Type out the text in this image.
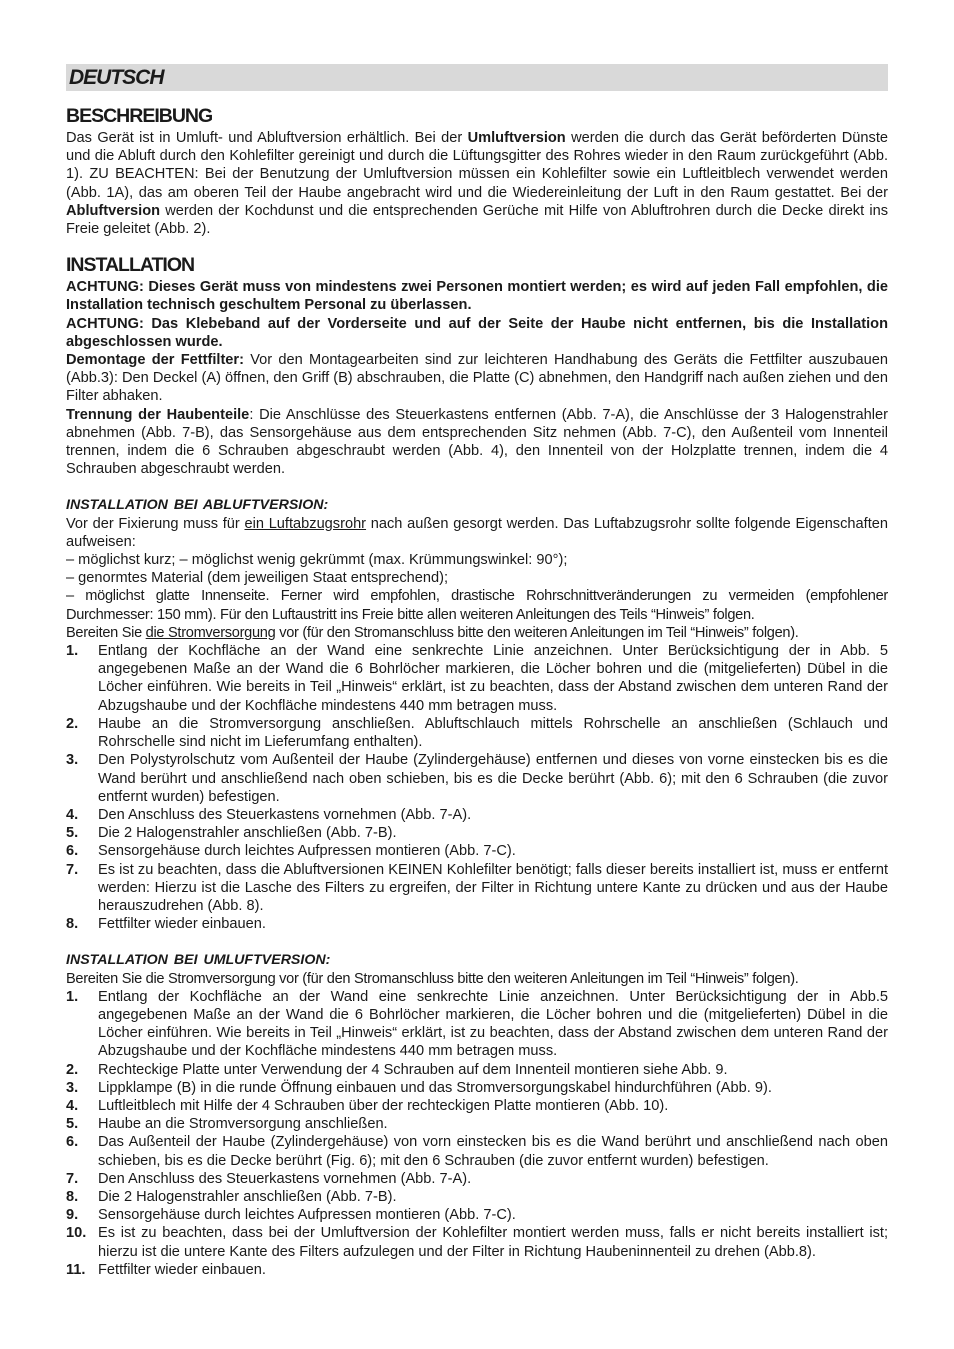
DEUTSCH
BESCHREIBUNG

Das Gerät ist in Umluft- und Abluftversion erhältlich. Bei der Umluftversion werden die durch das Gerät beförderten Dünste und die Abluft durch den Kohlefilter gereinigt und durch die Lüftungsgitter des Rohres wieder in den Raum zurückgeführt (Abb. 1). ZU BEACHTEN: Bei der Benutzung der Umluftversion müssen ein Kohlefilter sowie ein Luftleitblech verwendet werden (Abb. 1A), das am oberen Teil der Haube angebracht wird und die Wiedereinleitung der Luft in den Raum gestattet. Bei der Abluftversion werden der Kochdunst und die entsprechenden Gerüche mit Hilfe von Abluftrohren durch die Decke direkt ins Freie geleitet (Abb. 2).

INSTALLATION

ACHTUNG: Dieses Gerät muss von mindestens zwei Personen montiert werden; es wird auf jeden Fall empfohlen, die Installation technisch geschultem Personal zu überlassen.

ACHTUNG: Das Klebeband auf der Vorderseite und auf der Seite der Haube nicht entfernen, bis die Installation abgeschlossen wurde.

Demontage der Fettfilter: Vor den Montagearbeiten sind zur leichteren Handhabung des Geräts die Fettfilter auszubauen (Abb.3): Den Deckel (A) öffnen, den Griff (B) abschrauben, die Platte (C) abnehmen, den Handgriff nach außen ziehen und den Filter abhaken.

Trennung der Haubenteile: Die Anschlüsse des Steuerkastens entfernen (Abb. 7-A), die Anschlüsse der 3 Halogenstrahler abnehmen (Abb. 7-B), das Sensorgehäuse aus dem entsprechenden Sitz nehmen (Abb. 7-C), den Außenteil vom Innenteil trennen, indem die 6 Schrauben abgeschraubt werden (Abb. 4), den Innenteil von der Holzplatte trennen, indem die 4 Schrauben abgeschraubt werden.

INSTALLATION BEI ABLUFTVERSION:

Vor der Fixierung muss für ein Luftabzugsrohr nach außen gesorgt werden. Das Luftabzugsrohr sollte folgende Eigenschaften aufweisen:

– möglichst kurz; – möglichst wenig gekrümmt (max. Krümmungswinkel: 90°);

– genormtes Material (dem jeweiligen Staat entsprechend);

– möglichst glatte Innenseite. Ferner wird empfohlen, drastische Rohrschnittveränderungen zu vermeiden (empfohlener Durchmesser: 150 mm). Für den Luftaustritt ins Freie bitte allen weiteren Anleitungen des Teils “Hinweis” folgen.

Bereiten Sie die Stromversorgung vor (für den Stromanschluss bitte den weiteren Anleitungen im Teil “Hinweis” folgen).

1.	Entlang der Kochfläche an der Wand eine senkrechte Linie anzeichnen. Unter Berücksichtigung der in Abb. 5 angegebenen Maße an der Wand die 6 Bohrlöcher markieren, die Löcher bohren und die (mitgelieferten) Dübel in die Löcher einführen. Wie bereits in Teil „Hinweis“ erklärt, ist zu beachten, dass der Abstand zwischen dem unteren Rand der Abzugshaube und der Kochfläche mindestens 440 mm betragen muss.
2.	Haube an die Stromversorgung anschließen. Abluftschlauch mittels Rohrschelle an anschließen (Schlauch und Rohrschelle sind nicht im Lieferumfang enthalten).
3.	Den Polystyrolschutz vom Außenteil der Haube (Zylindergehäuse) entfernen und dieses von vorne einstecken bis es die Wand berührt und anschließend nach oben schieben, bis es die Decke berührt (Abb. 6); mit den 6 Schrauben (die zuvor entfernt wurden) befestigen.
4.	Den Anschluss des Steuerkastens vornehmen (Abb. 7-A).
5.	Die 2 Halogenstrahler anschließen (Abb. 7-B).
6.	Sensorgehäuse durch leichtes Aufpressen montieren (Abb. 7-C).
7.	Es ist zu beachten, dass die Abluftversionen KEINEN Kohlefilter benötigt; falls dieser bereits installiert ist, muss er entfernt werden: Hierzu ist die Lasche des Filters zu ergreifen, der Filter in Richtung untere Kante zu drücken und aus der Haube herauszudrehen (Abb. 8).
8.	Fettfilter wieder einbauen.
INSTALLATION BEI UMLUFTVERSION:

Bereiten Sie die Stromversorgung vor (für den Stromanschluss bitte den weiteren Anleitungen im Teil “Hinweis” folgen).

1.	Entlang der Kochfläche an der Wand eine senkrechte Linie anzeichnen. Unter Berücksichtigung der in Abb.5 angegebenen Maße an der Wand die 6 Bohrlöcher markieren, die Löcher bohren und die (mitgelieferten) Dübel in die Löcher einführen. Wie bereits in Teil „Hinweis“ erklärt, ist zu beachten, dass der Abstand zwischen dem unteren Rand der Abzugshaube und der Kochfläche mindestens 440 mm betragen muss.
2.	Rechteckige Platte unter Verwendung der 4 Schrauben auf dem Innenteil montieren siehe Abb. 9.
3.	Lippklampe (B) in die runde Öffnung einbauen und das Stromversorgungskabel hindurchführen (Abb. 9).
4.	Luftleitblech mit Hilfe der 4 Schrauben über der rechteckigen Platte montieren (Abb. 10).
5.	Haube an die Stromversorgung anschließen.
6.	Das Außenteil der Haube (Zylindergehäuse) von vorn einstecken bis es die Wand berührt und anschließend nach oben schieben, bis es die Decke berührt (Fig. 6); mit den 6 Schrauben (die zuvor entfernt wurden) befestigen.
7.	Den Anschluss des Steuerkastens vornehmen (Abb. 7-A).
8.	Die 2 Halogenstrahler anschließen (Abb. 7-B).
9.	Sensorgehäuse durch leichtes Aufpressen montieren (Abb. 7-C).
10. Es ist zu beachten, dass bei der Umluftversion der Kohlefilter montiert werden muss, falls er nicht bereits installiert ist; hierzu ist die untere Kante des Filters aufzulegen und der Filter in Richtung Haubeninnenteil zu drehen (Abb.8).
11. Fettfilter wieder einbauen.
